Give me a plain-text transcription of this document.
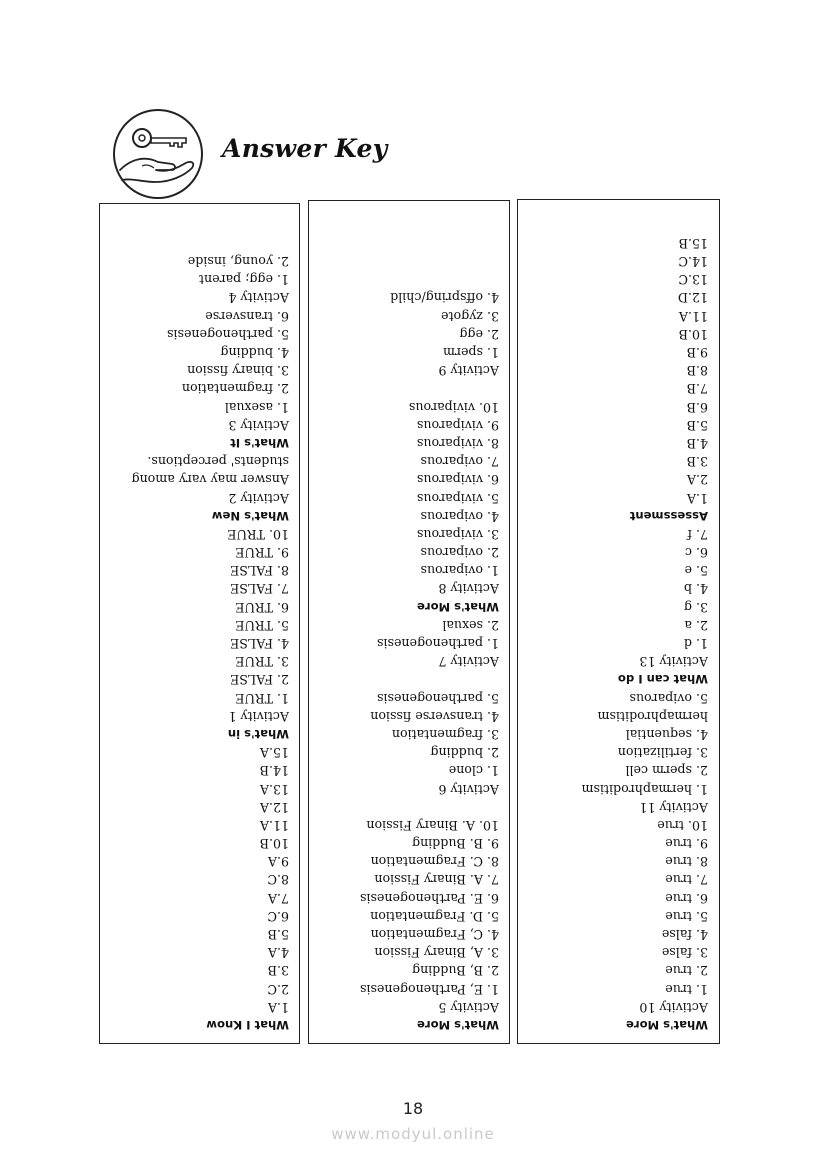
Answer Key
What I Know
1.A
2.C
3.B
4.A
5.B
6.C
7.A
8.C
9.A
10.B
11.A
12.A
13.A
14.B
15.A
What's in
Activity 1
1. TRUE
2. FALSE
3. TRUE
4. FALSE
5. TRUE
6. TRUE
7. FALSE
8. FALSE
9. TRUE
10. TRUE
What's New
Activity 2
Answer may vary among
students' perceptions.
What's It
Activity 3
1. asexual
2. fragmentation
3. binary fission
4. budding
5. parthenogenesis
6. transverse
Activity 4
1. egg; parent
2. young, inside
What's More
Activity 5
1. E, Parthenogenesis
2. B, Budding
3. A, Binary Fission
4. C, Fragmentation
5. D. Fragmentation
6. E. Parthenogenesis
7. A. Binary Fission
8. C. Fragmentation
9. B. Budding
10. A. Binary Fission
Activity 6
1. clone
2. budding
3. fragmentation
4. transverse fission
5. parthenogenesis
Activity 7
1. parthenogenesis
2. sexual
What's More
Activity 8
1. oviparous
2. oviparous
3. viviparous
4. oviparous
5. viviparous
6. viviparous
7. oviparous
8. viviparous
9. viviparous
10. viviparous
Activity 9
1. sperm
2. egg
3. zygote
4. offspring/child
What's More
Activity 10
1. true
2. true
3. false
4. false
5. true
6. true
7. true
8. true
9. true
10. true
Activity 11
1. hermaphroditism
2. sperm cell
3. fertilization
4. sequential
hermaphroditism
5. oviparous
What can I do
Activity 13
1. d
2. a
3. g
4. b
5. e
6. c
7. f
Assessment
1.A
2.A
3.B
4.B
5.B
6.B
7.B
8.B
9.B
10.B
11.A
12.D
13.C
14.C
15.B
18
www.modyul.online
